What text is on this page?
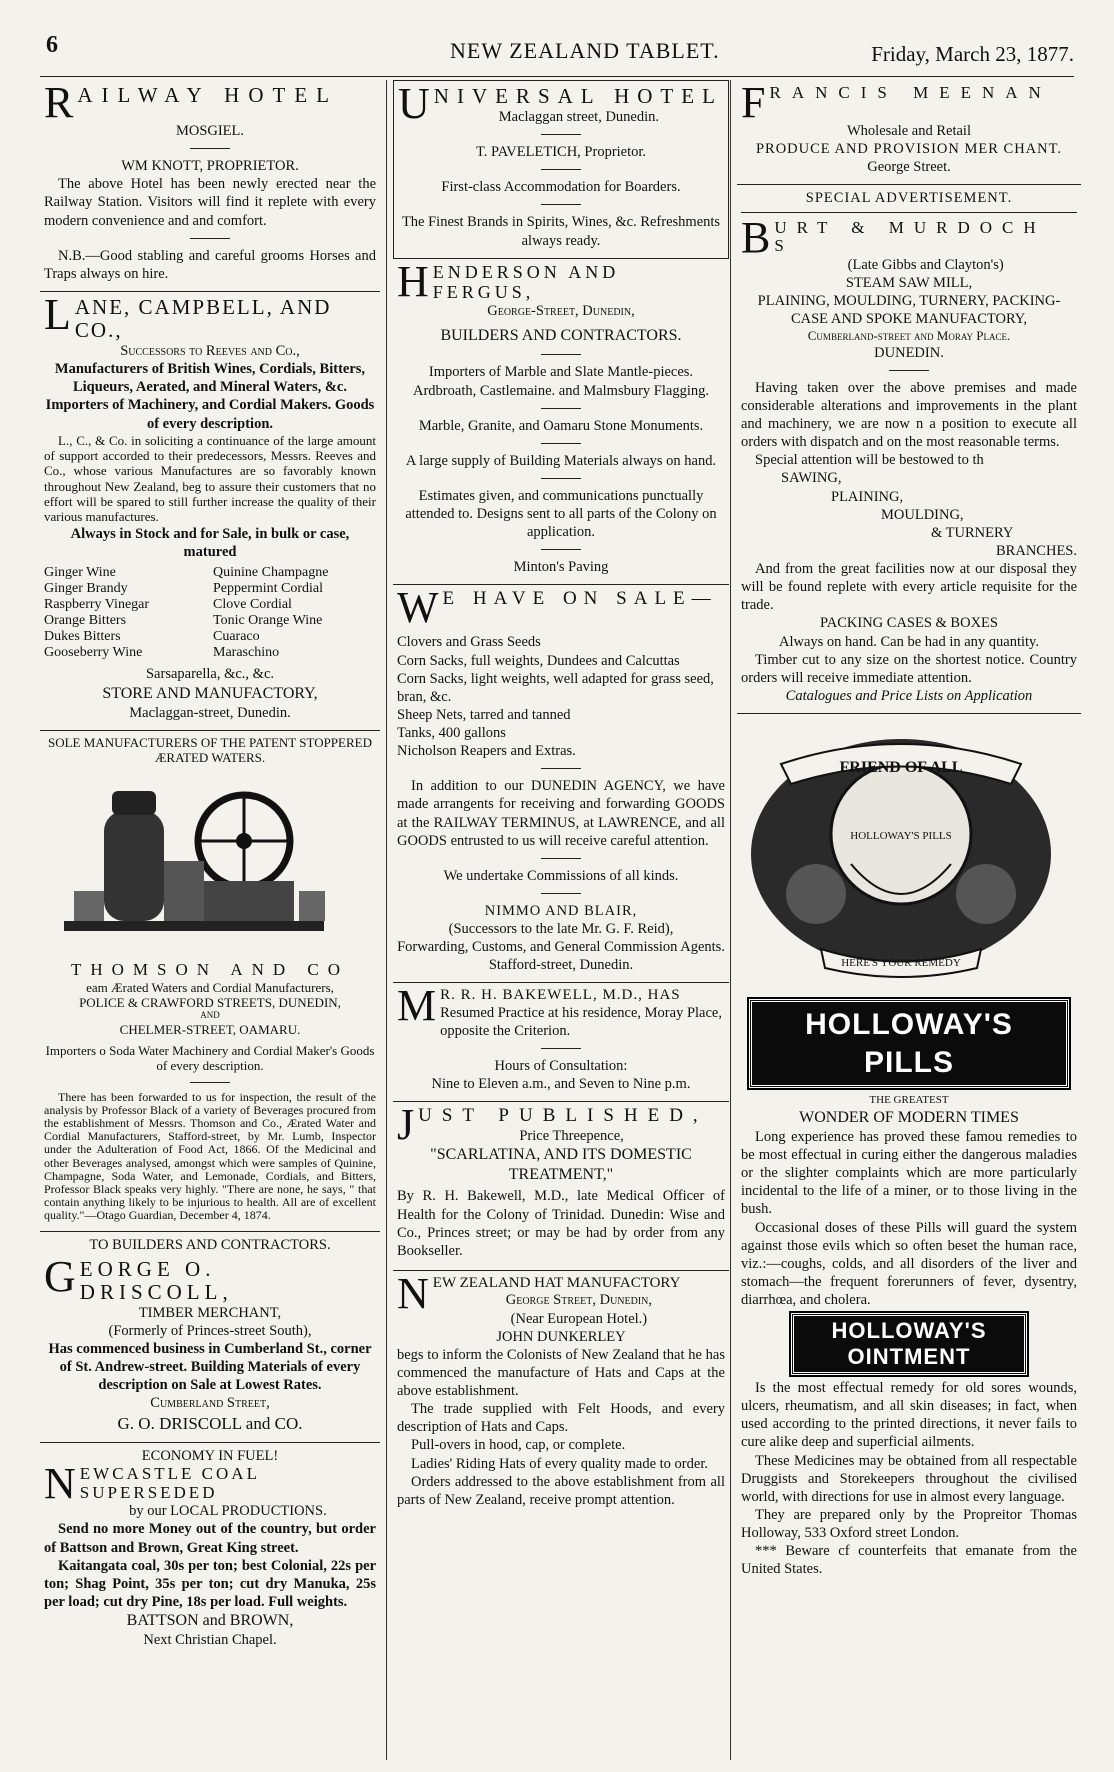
6	NEW ZEALAND TABLET.	Friday, March 23, 1877.
RAILWAY HOTEL
MOSGIEL.
WM KNOTT, PROPRIETOR.

The above Hotel has been newly erected near the Railway Station. Visitors will find it replete with every modern convenience and and comfort.

N.B.—Good stabling and careful grooms Horses and Traps always on hire.

LANE, CAMPBELL, AND CO.,
Successors to Reeves and Co.,
Manufacturers of British Wines, Cordials, Bitters, Liqueurs, Aerated, and Mineral Waters, &c.
Importers of Machinery, and Cordial Makers. Goods of every description.

L., C., & Co. in soliciting a continuance of the large amount of support accorded to their predecessors, Messrs. Reeves and Co., whose various Manufactures are so favorably known throughout New Zealand, beg to assure their customers that no effort will be spared to still further increase the quality of their various manufactures.

Always in Stock and for Sale, in bulk or case, matured
Ginger Wine	Quinine Champagne
Ginger Brandy	Peppermint Cordial
Raspberry Vinegar	Clove Cordial
Orange Bitters	Tonic Orange Wine
Dukes Bitters	Cuaraco
Gooseberry Wine	Maraschino
Sarsaparella, &c., &c.
STORE AND MANUFACTORY,
Maclaggan-street, Dunedin.
SOLE MANUFACTURERS OF THE PATENT STOPPERED ÆRATED WATERS.
THOMSON AND CO
eam Ærated Waters and Cordial Manufacturers,
POLICE & CRAWFORD STREETS, DUNEDIN,
AND
CHELMER-STREET, OAMARU.
Importers o Soda Water Machinery and Cordial Maker's Goods of every description.

There has been forwarded to us for inspection, the result of the analysis by Professor Black of a variety of Beverages procured from the establishment of Messrs. Thomson and Co., Ærated Water and Cordial Manufacturers, Stafford-street, by Mr. Lumb, Inspector under the Adulteration of Food Act, 1866. Of the Medicinal and other Beverages analysed, amongst which were samples of Quinine, Champagne, Soda Water, and Lemonade, Cordials, and Bitters, Professor Black speaks very highly. "There are none, he says, " that contain anything likely to be injurious to health. All are of excellent quality."—Otago Guardian, December 4, 1874.

TO BUILDERS AND CONTRACTORS.
GEORGE O. DRISCOLL,
TIMBER MERCHANT,
(Formerly of Princes-street South),
Has commenced business in Cumberland St., corner of St. Andrew-street. Building Materials of every description on Sale at Lowest Rates.
Cumberland Street,
G. O. DRISCOLL and CO.
ECONOMY IN FUEL!
NEWCASTLE COAL SUPERSEDED
by our LOCAL PRODUCTIONS.

Send no more Money out of the country, but order of Battson and Brown, Great King street.

Kaitangata coal, 30s per ton; best Colonial, 22s per ton; Shag Point, 35s per ton; cut dry Manuka, 25s per load; cut dry Pine, 18s per load. Full weights.

BATTSON and BROWN,
Next Christian Chapel.
UNIVERSAL HOTEL
Maclaggan street, Dunedin.
T. PAVELETICH, Proprietor.
First-class Accommodation for Boarders.
The Finest Brands in Spirits, Wines, &c. Refreshments always ready.
HENDERSON AND FERGUS,
George-Street, Dunedin,
BUILDERS AND CONTRACTORS.
Importers of Marble and Slate Mantle-pieces. Ardbroath, Castlemaine. and Malmsbury Flagging.
Marble, Granite, and Oamaru Stone Monuments.
A large supply of Building Materials always on hand.
Estimates given, and communications punctually attended to. Designs sent to all parts of the Colony on application.
Minton's Paving
W E HAVE ON SALE—
Clovers and Grass Seeds
Corn Sacks, full weights, Dundees and Calcuttas
Corn Sacks, light weights, well adapted for grass seed, bran, &c.
Sheep Nets, tarred and tanned
Tanks, 400 gallons
Nicholson Reapers and Extras.

In addition to our DUNEDIN AGENCY, we have made arrangents for receiving and forwarding GOODS at the RAILWAY TERMINUS, at LAWRENCE, and all GOODS entrusted to us will receive careful attention.

We undertake Commissions of all kinds.
NIMMO AND BLAIR,
(Successors to the late Mr. G. F. Reid),
Forwarding, Customs, and General Commission Agents.
Stafford-street, Dunedin.
M R. R. H. BAKEWELL, M.D., HAS
Resumed Practice at his residence, Moray Place, opposite the Criterion.
Hours of Consultation:
Nine to Eleven a.m., and Seven to Nine p.m.
JUST PUBLISHED,
Price Threepence,
"SCARLATINA, AND ITS DOMESTIC TREATMENT,"

By R. H. Bakewell, M.D., late Medical Officer of Health for the Colony of Trinidad. Dunedin: Wise and Co., Princes street; or may be had by order from any Bookseller.

NEW ZEALAND HAT MANUFACTORY
George Street, Dunedin,
(Near European Hotel.)
JOHN DUNKERLEY

begs to inform the Colonists of New Zealand that he has commenced the manufacture of Hats and Caps at the above establishment.

The trade supplied with Felt Hoods, and every description of Hats and Caps.

Pull-overs in hood, cap, or complete.

Ladies' Riding Hats of every quality made to order.

Orders addressed to the above establishment from all parts of New Zealand, receive prompt attention.

FRANCIS MEENAN
Wholesale and Retail
PRODUCE AND PROVISION MER CHANT.
George Street.
SPECIAL ADVERTISEMENT.
BURT & MURDOCH S
(Late Gibbs and Clayton's)
STEAM SAW MILL,
PLAINING, MOULDING, TURNERY, PACKING-CASE AND SPOKE MANUFACTORY,
Cumberland-street and Moray Place.
DUNEDIN.

Having taken over the above premises and made considerable alterations and improvements in the plant and machinery, we are now n a position to execute all orders with dispatch and on the most reasonable terms.

Special attention will be bestowed to th

SAWING,
PLAINING,
MOULDING,
& TURNERY
BRANCHES.

And from the great facilities now at our disposal they will be found replete with every article requisite for the trade.

PACKING CASES & BOXES
Always on hand. Can be had in any quantity.

Timber cut to any size on the shortest notice. Country orders will receive immediate attention.

Catalogues and Price Lists on Application
FRIEND OF ALL
HOLLOWAY'S PILLS
HERE'S YOUR REMEDY
HOLLOWAY'S PILLS
THE GREATEST
WONDER OF MODERN TIMES

Long experience has proved these famou remedies to be most effectual in curing either the dangerous maladies or the slighter complaints which are more particularly incidental to the life of a miner, or to those living in the bush.

Occasional doses of these Pills will guard the system against those evils which so often beset the human race, viz.:—coughs, colds, and all disorders of the liver and stomach—the frequent forerunners of fever, dysentry, diarrhœa, and cholera.

HOLLOWAY'S OINTMENT

Is the most effectual remedy for old sores wounds, ulcers, rheumatism, and all skin diseases; in fact, when used according to the printed directions, it never fails to cure alike deep and superficial ailments.

These Medicines may be obtained from all respectable Druggists and Storekeepers throughout the civilised world, with directions for use in almost every language.

They are prepared only by the Propreitor Thomas Holloway, 533 Oxford street London.

*** Beware cf counterfeits that emanate from the United States.
